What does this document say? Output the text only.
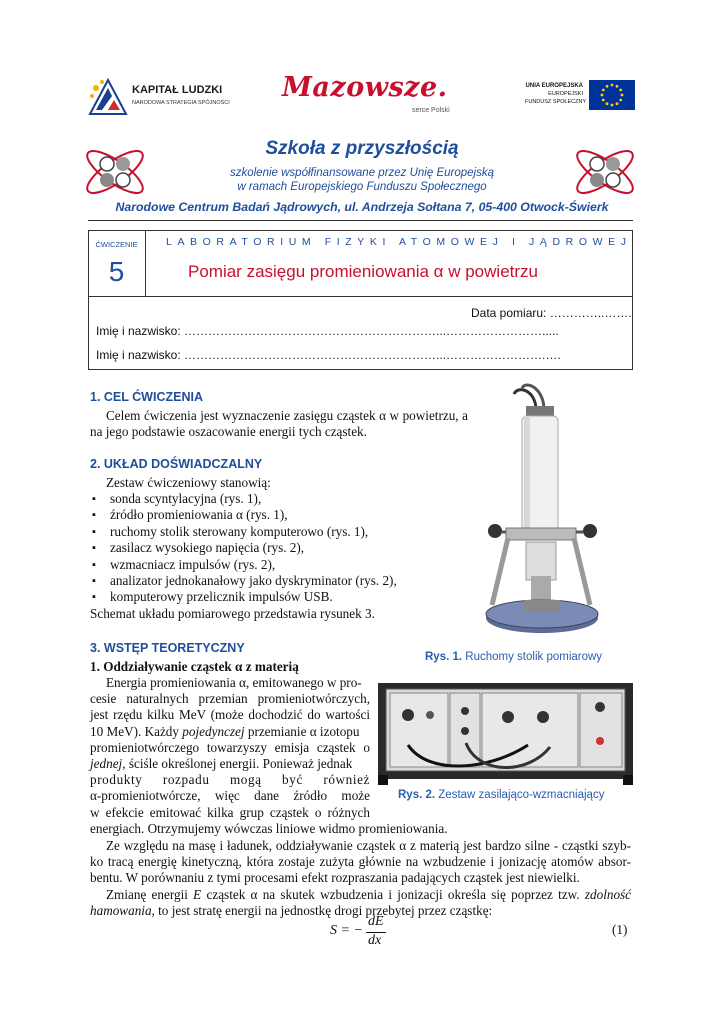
KAPITAŁ LUDZKI
NARODOWA STRATEGIA SPÓJNOŚCI Mazowsze.
serce Polski
UNIA EUROPEJSKA
EUROPEJSKI
FUNDUSZ SPOŁECZNY
Szkoła z przyszłością
szkolenie współfinansowane przez Unię Europejską
w ramach Europejskiego Funduszu Społecznego
Narodowe Centrum Badań Jądrowych, ul. Andrzeja Sołtana 7, 05-400 Otwock-Świerk
ĆWICZENIE
5
LABORATORIUM FIZYKI ATOMOWEJ I JĄDROWEJ
Pomiar zasięgu promieniowania α w powietrzu
Data pomiaru: …………..…….
Imię i nazwisko: ………………………………………………………...…………………….....
Imię i nazwisko: ………………………………………………………...…………………….….
1. CEL ĆWICZENIA
Celem ćwiczenia jest wyznaczenie zasięgu cząstek α w powietrzu, a na jego podstawie oszacowanie energii tych cząstek.
2. UKŁAD DOŚWIADCZALNY
Zestaw ćwiczeniowy stanowią:
▪ sonda scyntylacyjna (rys. 1),
▪ źródło promieniowania α (rys. 1),
▪ ruchomy stolik sterowany komputerowo (rys. 1),
▪ zasilacz wysokiego napięcia (rys. 2),
▪ wzmacniacz impulsów (rys. 2),
▪ analizator jednokanałowy jako dyskryminator (rys. 2),
▪ komputerowy przelicznik impulsów USB.
Schemat układu pomiarowego przedstawia rysunek 3.
Rys. 1. Ruchomy stolik pomiarowy
Rys. 2. Zestaw zasilająco-wzmacniający
3. WSTĘP TEORETYCZNY
1. Oddziaływanie cząstek α z materią
Energia promieniowania α, emitowanego w pro-
cesie naturalnych przemian promieniotwórczych,
jest rzędu kilku MeV (może dochodzić do wartości
10 MeV). Każdy pojedynczej przemianie α izotopu
promieniotwórczego towarzyszy emisja cząstek o
jednej, ściśle określonej energii. Ponieważ jednak
produkty rozpadu mogą być również
α-promieniotwórcze, więc dane źródło może
w efekcie emitować kilka grup cząstek o różnych
energiach. Otrzymujemy wówczas liniowe widmo promieniowania.
Ze względu na masę i ładunek, oddziaływanie cząstek α z materią jest bardzo silne - cząstki szyb-ko tracą energię kinetyczną, która zostaje zużyta głównie na wzbudzenie i jonizację atomów absor-bentu. W porównaniu z tymi procesami efekt rozpraszania padających cząstek jest niewielki.
Zmianę energii E cząstek α na skutek wzbudzenia i jonizacji określa się poprzez tzw. zdolność hamowania, to jest stratę energii na jednostkę drogi przebytej przez cząstkę:
S = −
dE
dx
(1)
